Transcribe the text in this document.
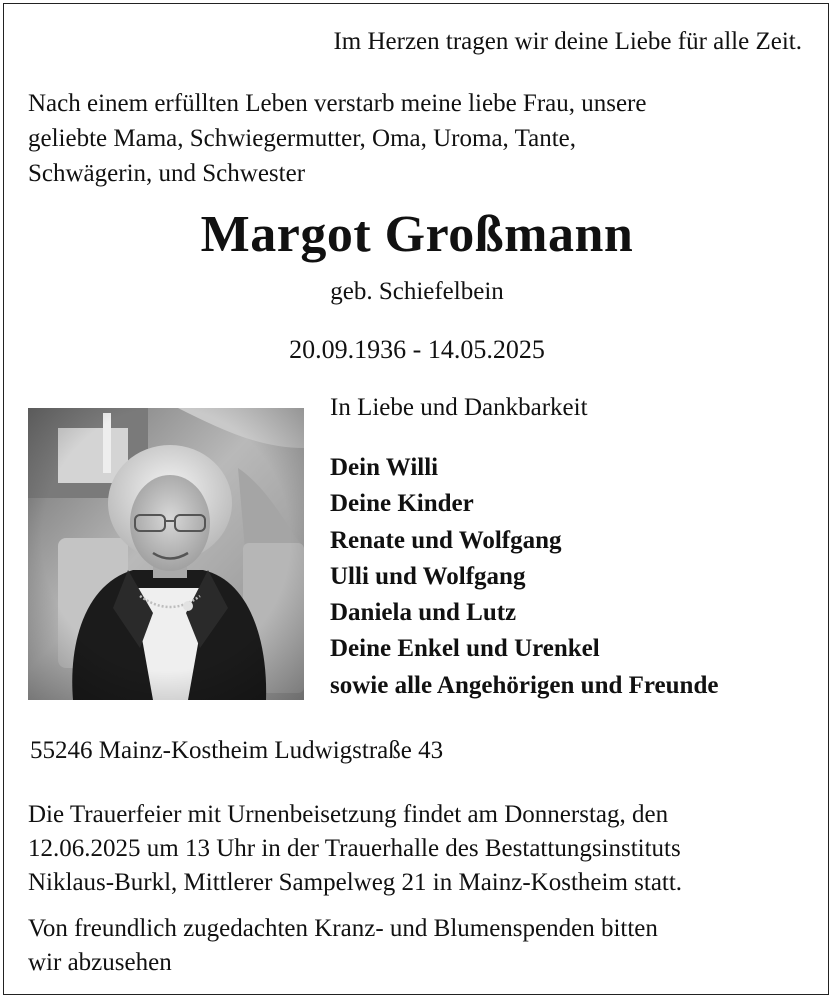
Im Herzen tragen wir deine Liebe für alle Zeit.

Nach einem erfüllten Leben verstarb meine liebe Frau, unsere
geliebte Mama, Schwiegermutter, Oma, Uroma, Tante,
Schwägerin, und Schwester
Margot Großmann

geb. Schiefelbein

20.09.1936 - 14.05.2025

In Liebe und Dankbarkeit

Dein Willi
Deine Kinder
Renate und Wolfgang
Ulli und Wolfgang
Daniela und Lutz
Deine Enkel und Urenkel
sowie alle Angehörigen und Freunde

55246 Mainz-Kostheim Ludwigstraße 43

Die Trauerfeier mit Urnenbeisetzung findet am Donnerstag, den
12.06.2025 um 13 Uhr in der Trauerhalle des Bestattungsinstituts
Niklaus-Burkl, Mittlerer Sampelweg 21 in Mainz-Kostheim statt.
Von freundlich zugedachten Kranz- und Blumenspenden bitten
wir abzusehen
